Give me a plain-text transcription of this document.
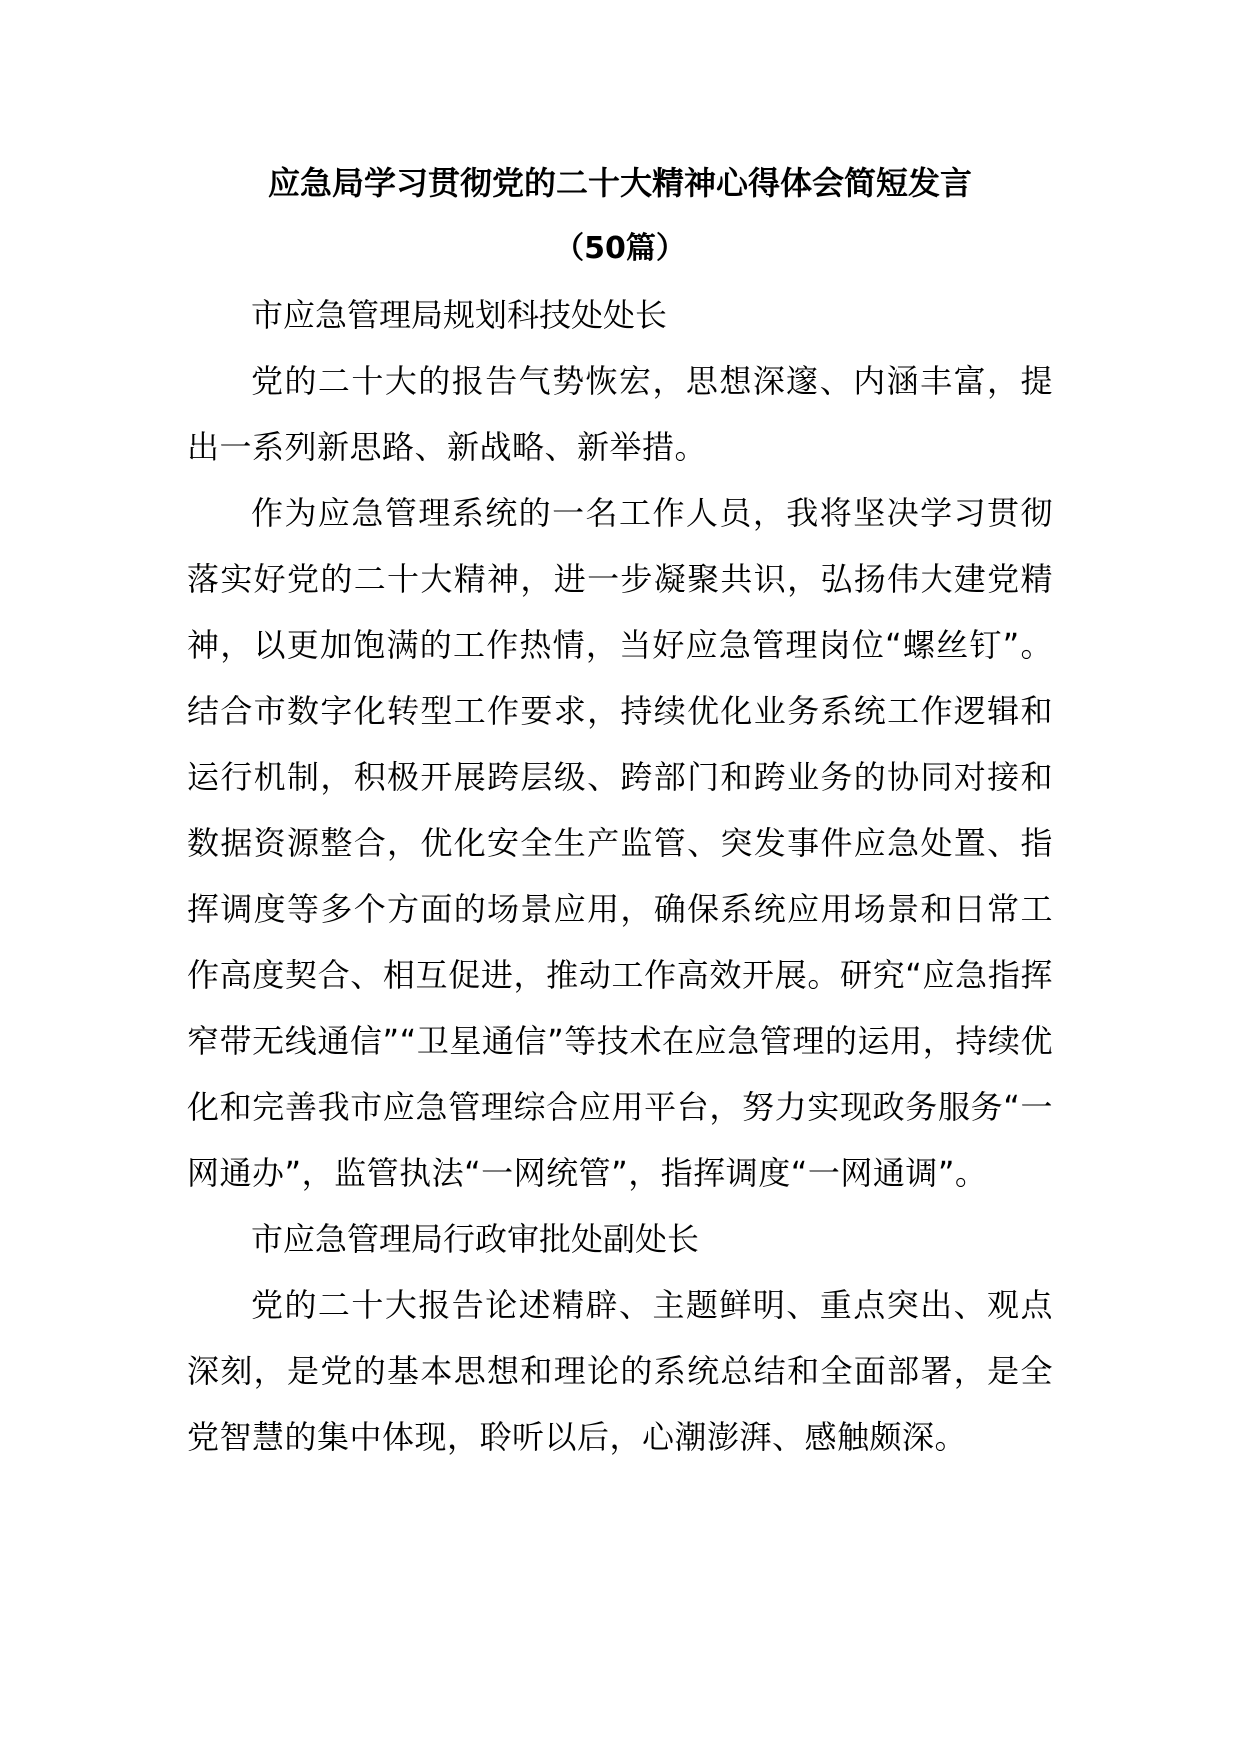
应急局学习贯彻党的二十大精神心得体会简短发言
（50篇）

市应急管理局规划科技处处长

党的二十大的报告气势恢宏，思想深邃、内涵丰富，提出一系列新思路、新战略、新举措。

作为应急管理系统的一名工作人员，我将坚决学习贯彻落实好党的二十大精神，进一步凝聚共识，弘扬伟大建党精神，以更加饱满的工作热情，当好应急管理岗位“螺丝钉”。结合市数字化转型工作要求，持续优化业务系统工作逻辑和运行机制，积极开展跨层级、跨部门和跨业务的协同对接和数据资源整合，优化安全生产监管、突发事件应急处置、指挥调度等多个方面的场景应用，确保系统应用场景和日常工作高度契合、相互促进，推动工作高效开展。研究“应急指挥窄带无线通信”“卫星通信”等技术在应急管理的运用，持续优化和完善我市应急管理综合应用平台，努力实现政务服务“一网通办”，监管执法“一网统管”，指挥调度“一网通调”。

市应急管理局行政审批处副处长

党的二十大报告论述精辟、主题鲜明、重点突出、观点深刻，是党的基本思想和理论的系统总结和全面部署，是全党智慧的集中体现，聆听以后，心潮澎湃、感触颇深。
